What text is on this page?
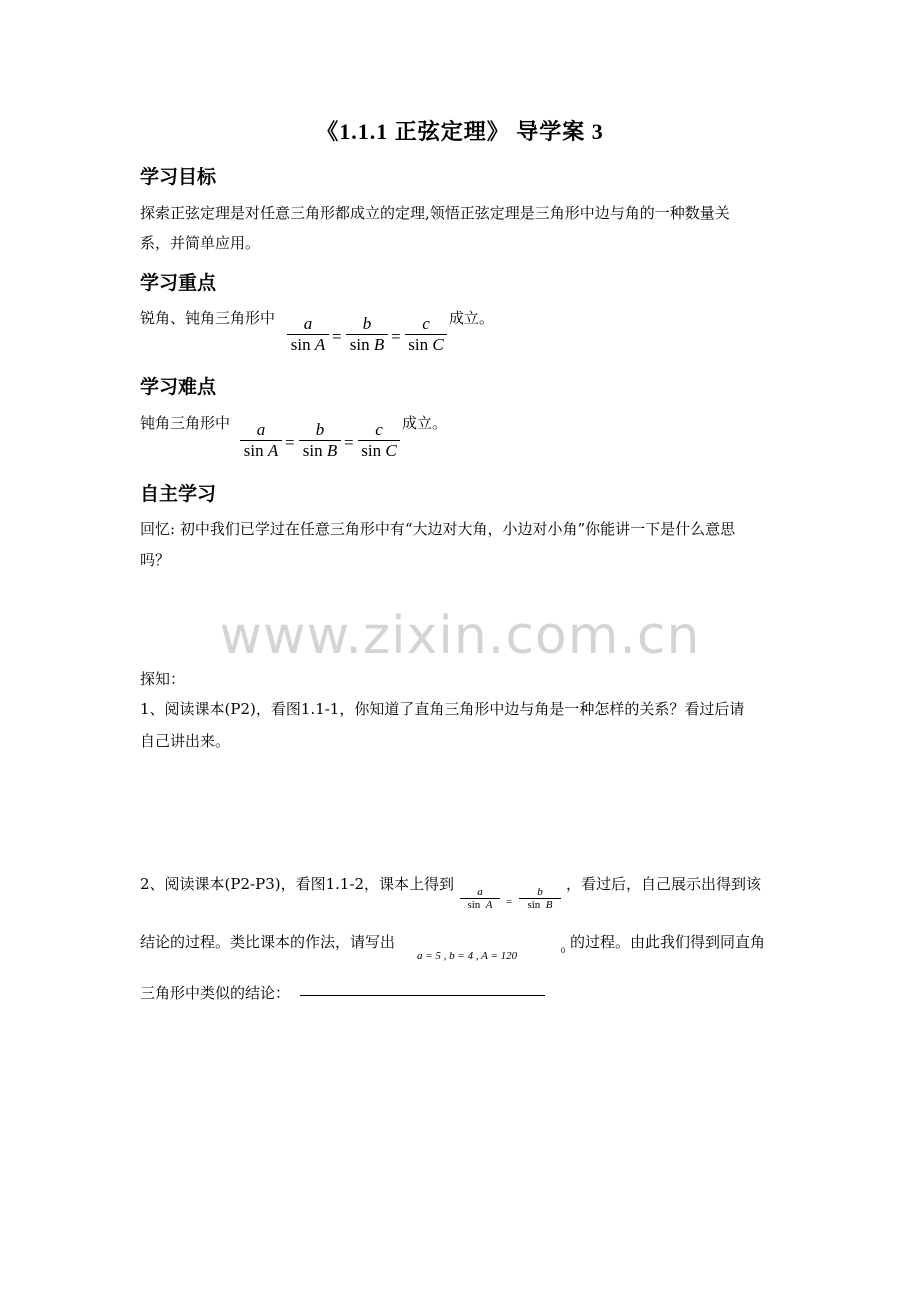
《1.1.1 正弦定理》 导学案 3
学习目标
探索正弦定理是对任意三角形都成立的定理,领悟正弦定理是三角形中边与角的一种数量关
系，并简单应用。
学习重点
锐角、钝角三角形中	a
sin A =
b
sin B =
c
sin C
成立。
学习难点
钝角三角形中	a
sin A =
b
sin B =
c
sin C
成立。
自主学习
回忆: 初中我们已学过在任意三角形中有“大边对大角，小边对小角”你能讲一下是什么意思
吗？
www.zixin.com.cn
探知：
1、阅读课本(P2)，看图1.1-1，你知道了直角三角形中边与角是一种怎样的关系？看过后请
自己讲出来。
2、阅读课本(P2-P3)，看图1.1-2，课本上得到	a
sin A	=
b
sin B
，看过后，自己展示出得到该
结论的过程。类比课本的作法，请写出
a = 5 , b = 4 , A = 120	0 的过程。由此我们得到同直角
三角形中类似的结论：
